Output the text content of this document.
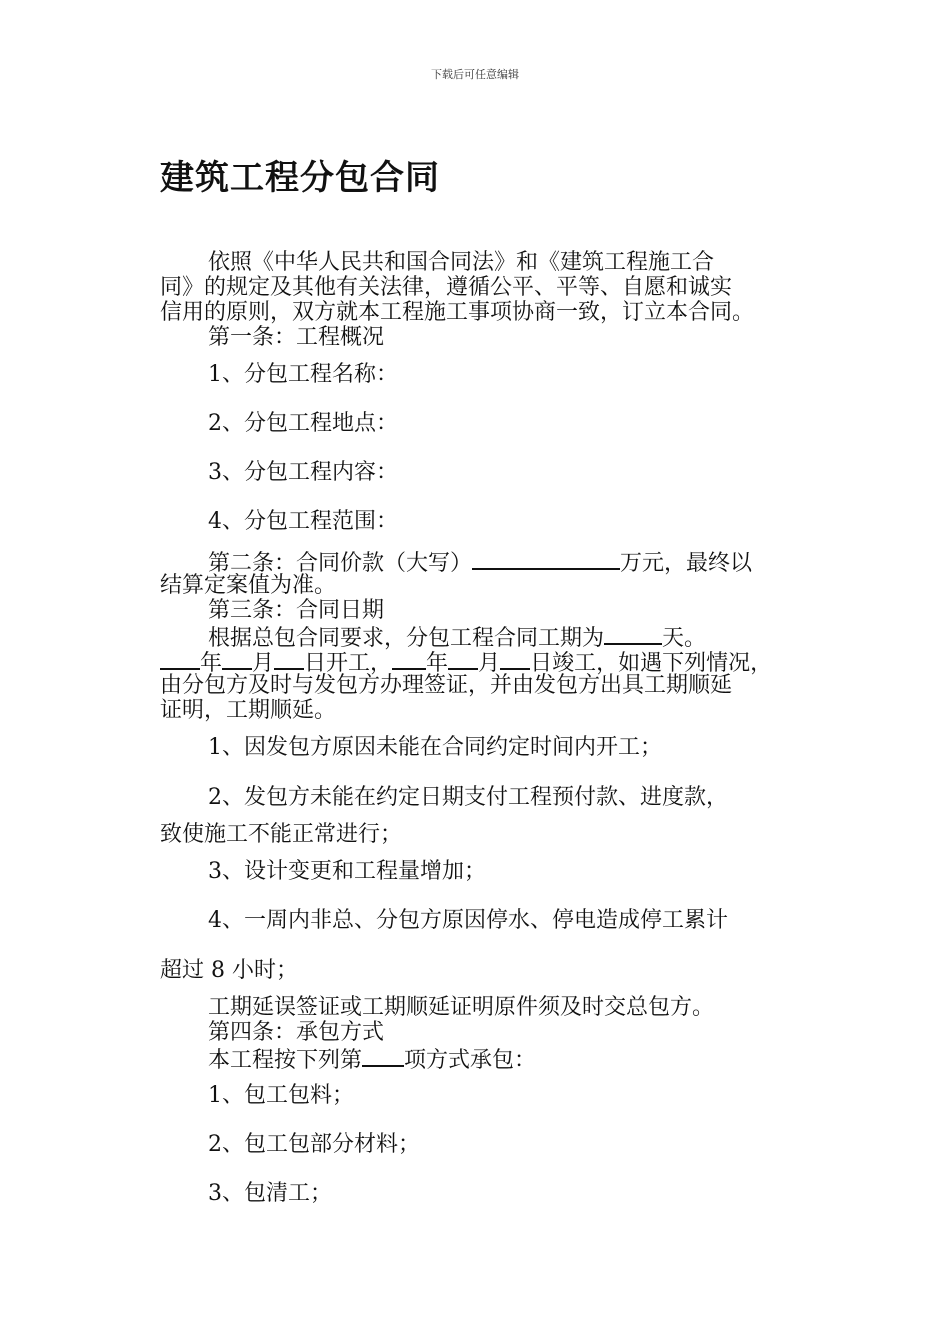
下载后可任意编辑
建筑工程分包合同
依照《中华人民共和国合同法》和《建筑工程施工合
同》的规定及其他有关法律，遵循公平、平等、自愿和诚实
信用的原则，双方就本工程施工事项协商一致，订立本合同。
第一条：工程概况
1、分包工程名称：
2、分包工程地点：
3、分包工程内容：
4、分包工程范围：
第二条：合同价款（大写）	万元，最终以
结算定案值为准。
第三条：合同日期
根据总包合同要求，分包工程合同工期为	天。
年 月 日开工， 年 月 日竣工，如遇下列情况，
由分包方及时与发包方办理签证，并由发包方出具工期顺延
证明，工期顺延。
1、因发包方原因未能在合同约定时间内开工；
2、发包方未能在约定日期支付工程预付款、进度款，
致使施工不能正常进行；
3、设计变更和工程量增加；
4、一周内非总、分包方原因停水、停电造成停工累计
超过 8 小时；
工期延误签证或工期顺延证明原件须及时交总包方。
第四条：承包方式
本工程按下列第 项方式承包：
1、包工包料；
2、包工包部分材料；
3、包清工；
